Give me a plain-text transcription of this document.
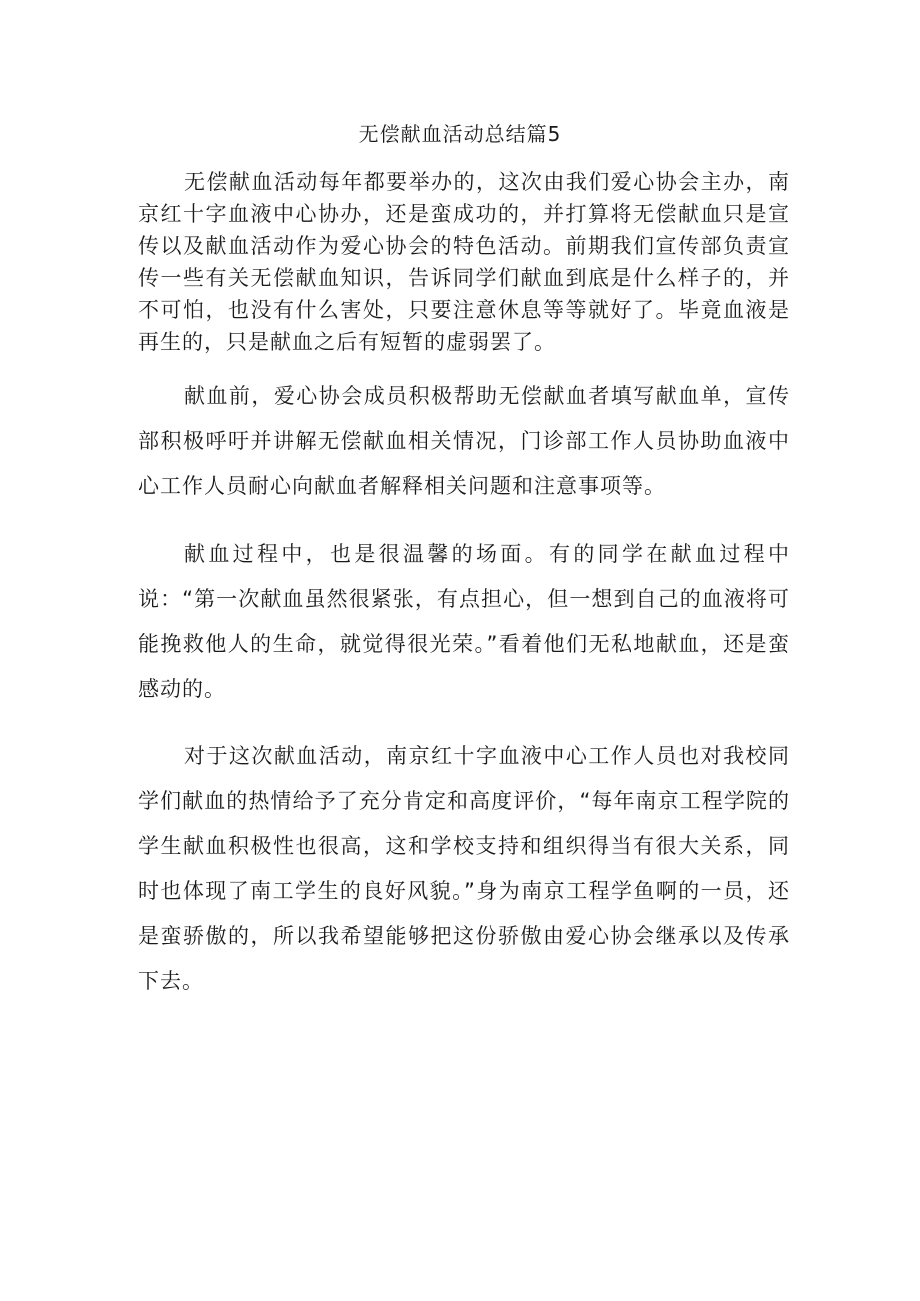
无偿献血活动总结篇5

无偿献血活动每年都要举办的，这次由我们爱心协会主办，南京红十字血液中心协办，还是蛮成功的，并打算将无偿献血只是宣传以及献血活动作为爱心协会的特色活动。前期我们宣传部负责宣传一些有关无偿献血知识，告诉同学们献血到底是什么样子的，并不可怕，也没有什么害处，只要注意休息等等就好了。毕竟血液是再生的，只是献血之后有短暂的虚弱罢了。

献血前，爱心协会成员积极帮助无偿献血者填写献血单，宣传部积极呼吁并讲解无偿献血相关情况，门诊部工作人员协助血液中心工作人员耐心向献血者解释相关问题和注意事项等。

献血过程中，也是很温馨的场面。有的同学在献血过程中说：“第一次献血虽然很紧张，有点担心，但一想到自己的血液将可能挽救他人的生命，就觉得很光荣。”看着他们无私地献血，还是蛮感动的。

对于这次献血活动，南京红十字血液中心工作人员也对我校同学们献血的热情给予了充分肯定和高度评价，“每年南京工程学院的学生献血积极性也很高，这和学校支持和组织得当有很大关系，同时也体现了南工学生的良好风貌。”身为南京工程学鱼啊的一员，还是蛮骄傲的，所以我希望能够把这份骄傲由爱心协会继承以及传承下去。
